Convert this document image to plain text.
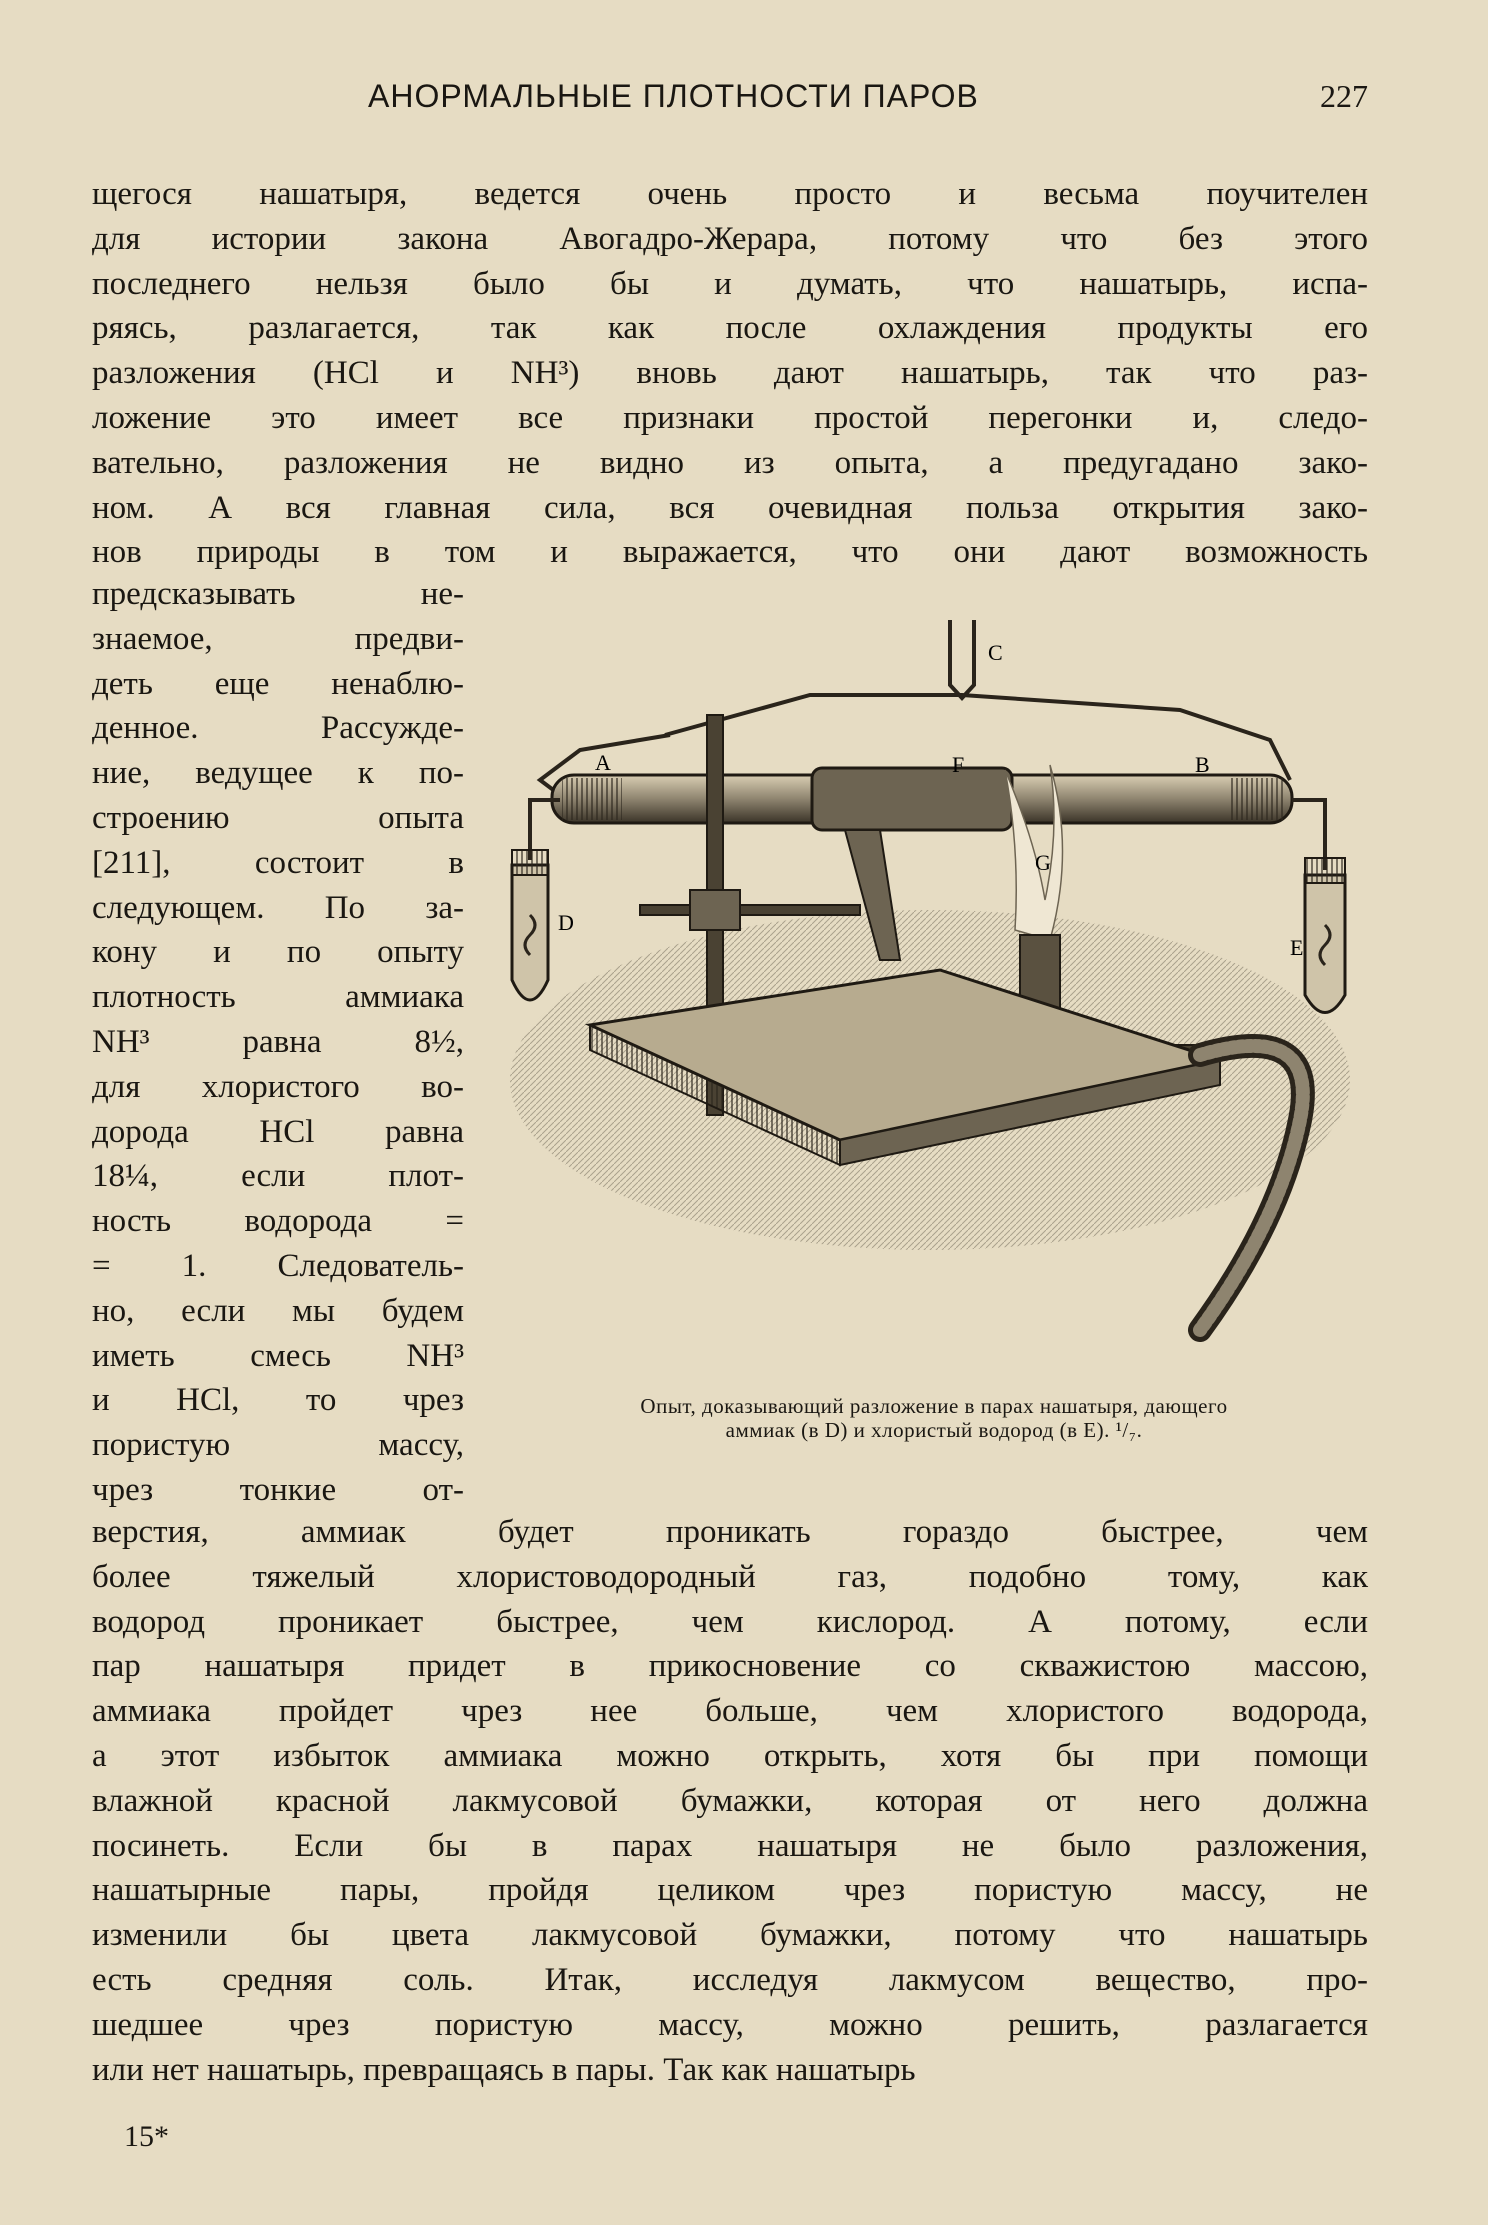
АНОРМАЛЬНЫЕ ПЛОТНОСТИ ПАРОВ	227
щегося нашатыря, ведется очень просто и весьма поучителен
для истории закона Авогадро-Жерара, потому что без этого
последнего нельзя было бы и думать, что нашатырь, испа-
ряясь, разлагается, так как после охлаждения продукты его
разложения (HCl и NH³) вновь дают нашатырь, так что раз-
ложение это имеет все признаки простой перегонки и, следо-
вательно, разложения не видно из опыта, а предугадано зако-
ном. А вся главная сила, вся очевидная польза открытия зако-
нов природы в том и выражается, что они дают возможность
предсказывать не-
знаемое, предви-
деть еще ненаблю-
денное. Рассужде-
ние, ведущее к по-
строению опыта
[211], состоит в
следующем. По за-
кону и по опыту
плотность аммиака
NH³ равна 8½,
для хлористого во-
дорода HCl равна
18¼, если плот-
ность водорода =
= 1. Следователь-
но, если мы будем
иметь смесь NH³
и HCl, то чрез
пористую массу,
чрез тонкие от-
C
A	B
F
G
D
E
Опыт, доказывающий разложение в парах нашатыря, дающего
аммиак (в D) и хлористый водород (в E). ¹/₇.
верстия, аммиак будет проникать гораздо быстрее, чем
более тяжелый хлористоводородный газ, подобно тому, как
водород проникает быстрее, чем кислород. А потому, если
пар нашатыря придет в прикосновение со скважистою массою,
аммиака пройдет чрез нее больше, чем хлористого водорода,
а этот избыток аммиака можно открыть, хотя бы при помощи
влажной красной лакмусовой бумажки, которая от него должна
посинеть. Если бы в парах нашатыря не было разложения,
нашатырные пары, пройдя целиком чрез пористую массу, не
изменили бы цвета лакмусовой бумажки, потому что нашатырь
есть средняя соль. Итак, исследуя лакмусом вещество, про-
шедшее чрез пористую массу, можно решить, разлагается
или нет нашатырь, превращаясь в пары. Так как нашатырь
15*
